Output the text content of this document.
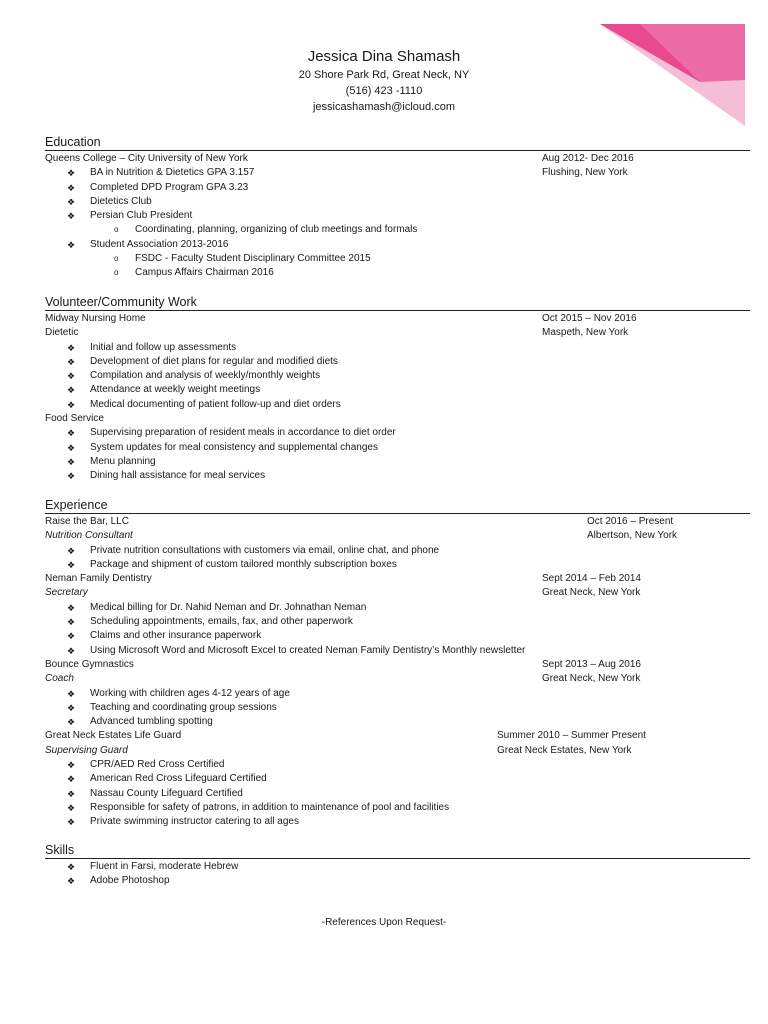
Jessica Dina Shamash
20 Shore Park Rd, Great Neck, NY
(516) 423 -1110
jessicashamash@icloud.com
Education
Queens College – City University of New York	Aug 2012- Dec 2016
❖ BA in Nutrition & Dietetics GPA 3.157	Flushing, New York
❖ Completed DPD Program GPA 3.23
❖ Dietetics Club
❖ Persian Club President
o Coordinating, planning, organizing of club meetings and formals
❖ Student Association 2013-2016
o FSDC - Faculty Student Disciplinary Committee 2015
o Campus Affairs Chairman 2016
Volunteer/Community Work
Midway Nursing Home	Oct 2015 – Nov 2016
Dietetic	Maspeth, New York
❖ Initial and follow up assessments
❖ Development of diet plans for regular and modified diets
❖ Compilation and analysis of weekly/monthly weights
❖ Attendance at weekly weight meetings
❖ Medical documenting of patient follow-up and diet orders
Food Service
❖ Supervising preparation of resident meals in accordance to diet order
❖ System updates for meal consistency and supplemental changes
❖ Menu planning
❖ Dining hall assistance for meal services
Experience
Raise the Bar, LLC	Oct 2016 – Present
Nutrition Consultant	Albertson, New York
❖ Private nutrition consultations with customers via email, online chat, and phone
❖ Package and shipment of custom tailored monthly subscription boxes
Neman Family Dentistry	Sept 2014 – Feb 2014
Secretary	Great Neck, New York
❖ Medical billing for Dr. Nahid Neman and Dr. Johnathan Neman
❖ Scheduling appointments, emails, fax, and other paperwork
❖ Claims and other insurance paperwork
❖ Using Microsoft Word and Microsoft Excel to created Neman Family Dentistry’s Monthly newsletter
Bounce Gymnastics	Sept 2013 – Aug 2016
Coach	Great Neck, New York
❖ Working with children ages 4-12 years of age
❖ Teaching and coordinating group sessions
❖ Advanced tumbling spotting
Great Neck Estates Life Guard	Summer 2010 – Summer Present
Supervising Guard	Great Neck Estates, New York
❖ CPR/AED Red Cross Certified
❖ American Red Cross Lifeguard Certified
❖ Nassau County Lifeguard Certified
❖ Responsible for safety of patrons, in addition to maintenance of pool and facilities
❖ Private swimming instructor catering to all ages
Skills
❖ Fluent in Farsi, moderate Hebrew
❖ Adobe Photoshop
-References Upon Request-
